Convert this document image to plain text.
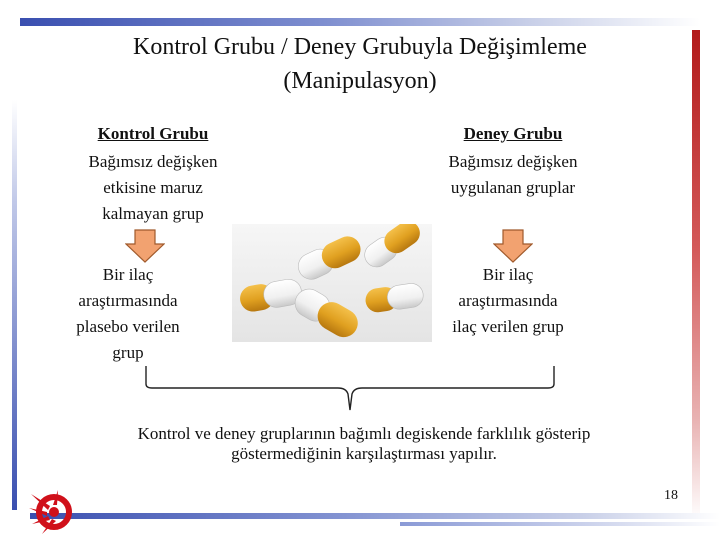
Kontrol Grubu / Deney Grubuyla Değişimleme
(Manipulasyon)
Kontrol Grubu
Bağımsız değişken
etkisine maruz
kalmayan grup
Bir ilaç
araştırmasında
plasebo verilen
grup
Deney Grubu
Bağımsız değişken
uygulanan gruplar
Bir ilaç
araştırmasında
ilaç verilen grup
Kontrol ve deney gruplarının bağımlı degiskende farklılık gösterip
göstermediğinin karşılaştırması yapılır.
18
